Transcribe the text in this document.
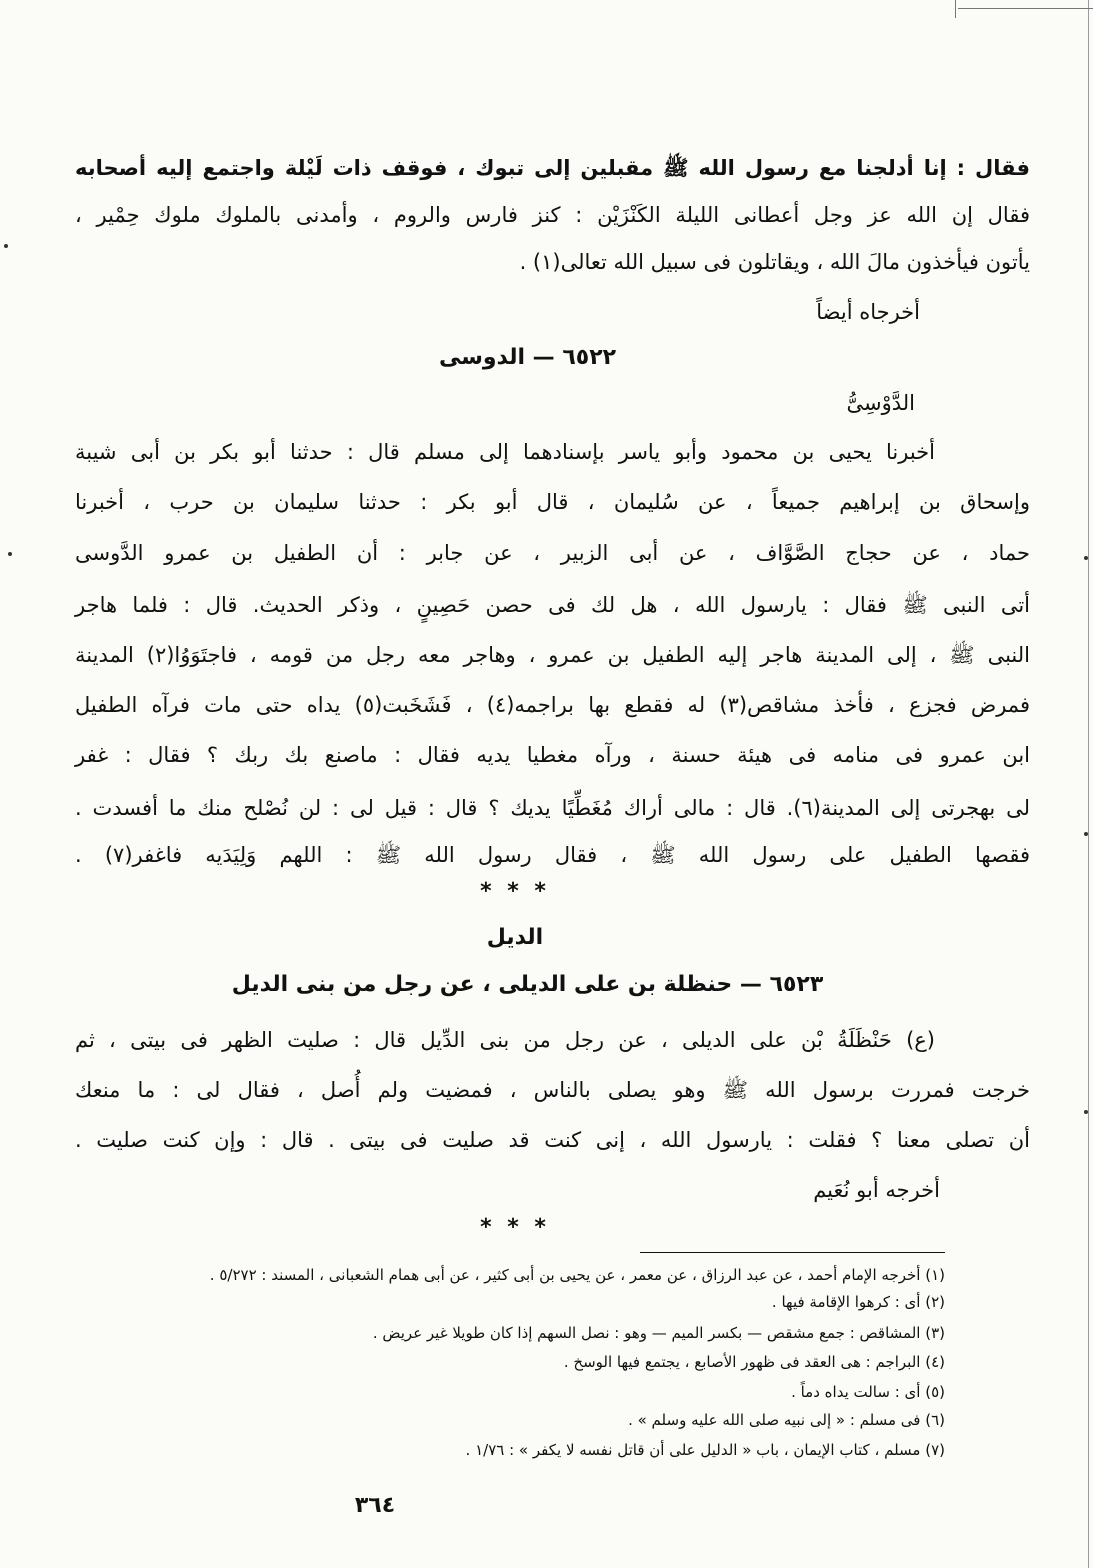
فقال : إنا أدلجنا مع رسول الله ﷺ مقبلين إلى تبوك ، فوقف ذات لَيْلة واجتمع إليه أصحابه
فقال إن الله عز وجل أعطانى الليلة الكَنْزَيْن : كنز فارس والروم ، وأمدنى بالملوك ملوك حِمْير ،
يأتون فيأخذون مالَ الله ، ويقاتلون فى سبيل الله تعالى(١) .
أخرجاه أيضاً
٦٥٢٢ — الدوسى
الدَّوْسِىُّ
أخبرنا يحيى بن محمود وأبو ياسر بإسنادهما إلى مسلم قال : حدثنا أبو بكر بن أبى شيبة
وإسحاق بن إبراهيم جميعاً ، عن سُليمان ، قال أبو بكر : حدثنا سليمان بن حرب ، أخبرنا
حماد ، عن حجاج الصَّوَّاف ، عن أبى الزبير ، عن جابر : أن الطفيل بن عمرو الدَّوسى
أتى النبى ﷺ فقال : يارسول الله ، هل لك فى حصن حَصِينٍ ، وذكر الحديث. قال : فلما هاجر
النبى ﷺ ، إلى المدينة هاجر إليه الطفيل بن عمرو ، وهاجر معه رجل من قومه ، فاجتَوَوُا(٢) المدينة
فمرض فجزع ، فأخذ مشاقص(٣) له فقطع بها براجمه(٤) ، فَشَخَبت(٥) يداه حتى مات فرآه الطفيل
ابن عمرو فى منامه فى هيئة حسنة ، ورآه مغطيا يديه فقال : ماصنع بك ربك ؟ فقال : غفر
لى بهجرتى إلى المدينة(٦). قال : مالى أراك مُغَطِّيًا يديك ؟ قال : قيل لى : لن نُصْلح منك ما أفسدت .
فقصها الطفيل على رسول الله ﷺ ، فقال رسول الله ﷺ : اللهم وَلِيَدَيه فاغفر(٧) .
* * *
الديل
٦٥٢٣ — حنظلة بن على الديلى ، عن رجل من بنى الديل
(ع) حَنْظَلَةُ بْن على الديلى ، عن رجل من بنى الدِّيل قال : صليت الظهر فى بيتى ، ثم
خرجت فمررت برسول الله ﷺ وهو يصلى بالناس ، فمضيت ولم أُصل ، فقال لى : ما منعك
أن تصلى معنا ؟ فقلت : يارسول الله ، إنى كنت قد صليت فى بيتى . قال : وإن كنت صليت .
أخرجه أبو نُعَيم
* * *
(١) أخرجه الإمام أحمد ، عن عبد الرزاق ، عن معمر ، عن يحيى بن أبى كثير ، عن أبى همام الشعبانى ، المسند : ٥/٢٧٢ .
(٢) أى : كرهوا الإقامة فيها .
(٣) المشاقص : جمع مشقص — بكسر الميم — وهو : نصل السهم إذا كان طويلا غير عريض .
(٤) البراجم : هى العقد فى ظهور الأصابع ، يجتمع فيها الوسخ .
(٥) أى : سالت يداه دماً .
(٦) فى مسلم : « إلى نبيه صلى الله عليه وسلم » .
(٧) مسلم ، كتاب الإيمان ، باب « الدليل على أن قاتل نفسه لا يكفر » : ١/٧٦ .
٣٦٤
